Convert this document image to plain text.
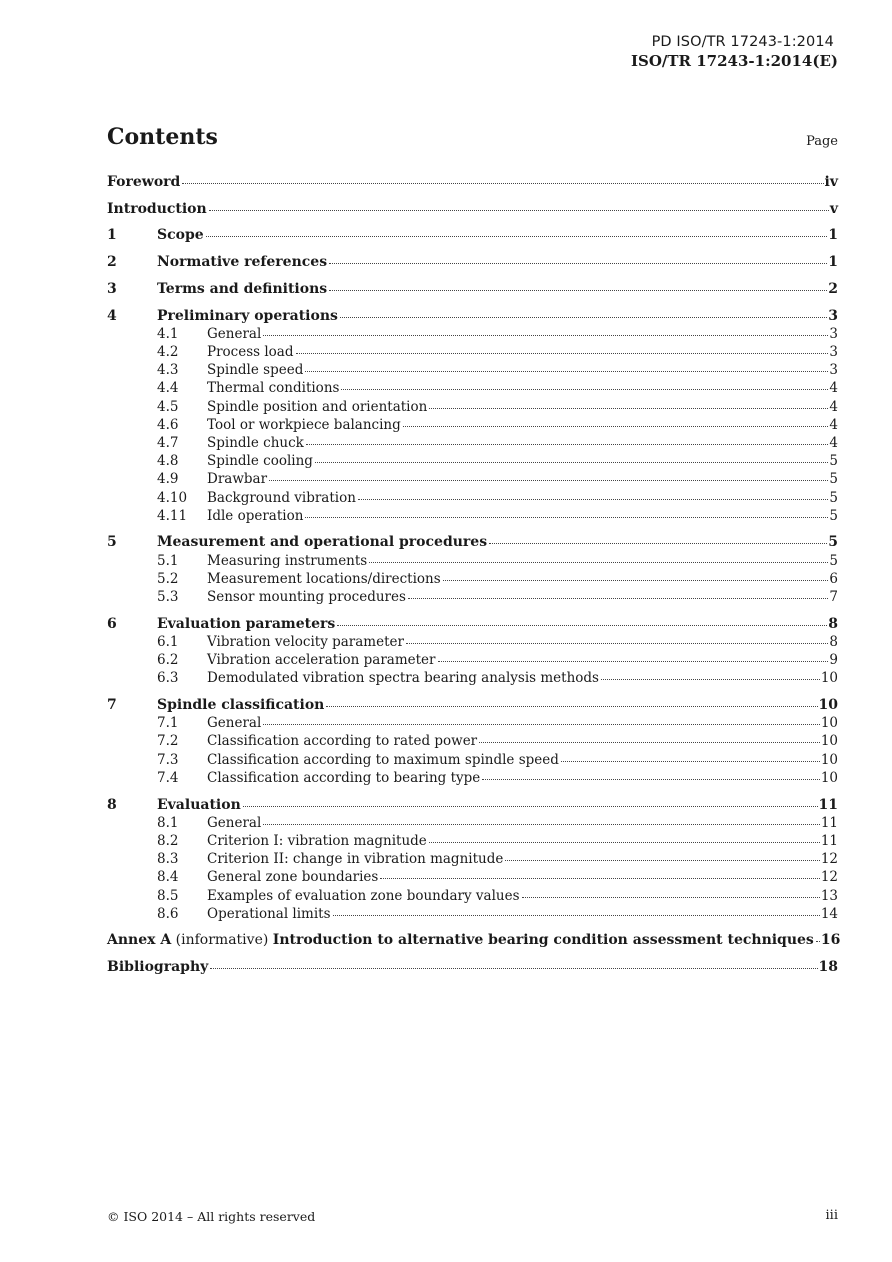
PD ISO/TR 17243-1:2014
ISO/TR 17243-1:2014(E)
Contents	Page
Foreword	iv
Introduction	v
1	Scope	1
2	Normative references	1
3	Terms and definitions	2
4	Preliminary operations	3
4.1	General	3
4.2	Process load	3
4.3	Spindle speed	3
4.4	Thermal conditions	4
4.5	Spindle position and orientation	4
4.6	Tool or workpiece balancing	4
4.7	Spindle chuck	4
4.8	Spindle cooling	5
4.9	Drawbar	5
4.10	Background vibration	5
4.11	Idle operation	5
5	Measurement and operational procedures	5
5.1	Measuring instruments	5
5.2	Measurement locations/directions	6
5.3	Sensor mounting procedures	7
6	Evaluation parameters	8
6.1	Vibration velocity parameter	8
6.2	Vibration acceleration parameter	9
6.3	Demodulated vibration spectra bearing analysis methods	10
7	Spindle classification	10
7.1	General	10
7.2	Classification according to rated power	10
7.3	Classification according to maximum spindle speed	10
7.4	Classification according to bearing type	10
8	Evaluation	11
8.1	General	11
8.2	Criterion I: vibration magnitude	11
8.3	Criterion II: change in vibration magnitude	12
8.4	General zone boundaries	12
8.5	Examples of evaluation zone boundary values	13
8.6	Operational limits	14
Annex A (informative) Introduction to alternative bearing condition assessment techniques 16
Bibliography	18
© ISO 2014 – All rights reserved	iii
